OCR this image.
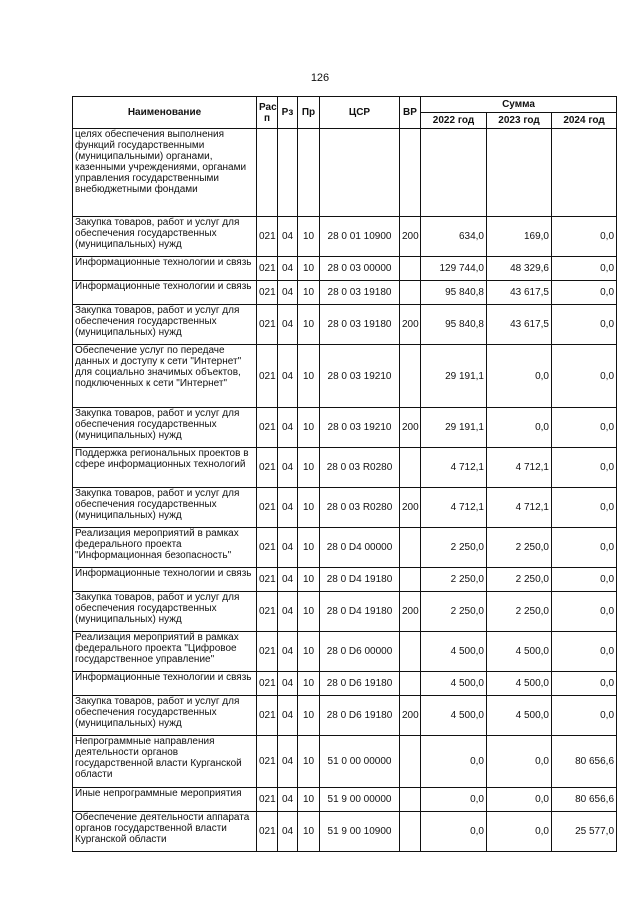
126
Наименование	Рас п	Рз	Пр	ЦСР	ВР	Сумма		
						2022 год	2023 год	2024 год
целях обеспечения выполнения функций государственными (муниципальными) органами, казенными учреждениями, органами управления государственными внебюджетными фондами								
Закупка товаров, работ и услуг для обеспечения государственных (муниципальных) нужд	021	04	10	28 0 01 10900	200	634,0	169,0	0,0
Информационные технологии и связь	021	04	10	28 0 03 00000		129 744,0	48 329,6	0,0
Информационные технологии и связь	021	04	10	28 0 03 19180		95 840,8	43 617,5	0,0
Закупка товаров, работ и услуг для обеспечения государственных (муниципальных) нужд	021	04	10	28 0 03 19180	200	95 840,8	43 617,5	0,0
Обеспечение услуг по передаче данных и доступу к сети "Интернет" для социально значимых объектов, подключенных к сети "Интернет"	021	04	10	28 0 03 19210		29 191,1	0,0	0,0
Закупка товаров, работ и услуг для обеспечения государственных (муниципальных) нужд	021	04	10	28 0 03 19210	200	29 191,1	0,0	0,0
Поддержка региональных проектов в сфере информационных технологий	021	04	10	28 0 03 R0280		4 712,1	4 712,1	0,0
Закупка товаров, работ и услуг для обеспечения государственных (муниципальных) нужд	021	04	10	28 0 03 R0280	200	4 712,1	4 712,1	0,0
Реализация мероприятий в рамках федерального проекта "Информационная безопасность"	021	04	10	28 0 D4 00000		2 250,0	2 250,0	0,0
Информационные технологии и связь	021	04	10	28 0 D4 19180		2 250,0	2 250,0	0,0
Закупка товаров, работ и услуг для обеспечения государственных (муниципальных) нужд	021	04	10	28 0 D4 19180	200	2 250,0	2 250,0	0,0
Реализация мероприятий в рамках федерального проекта "Цифровое государственное управление"	021	04	10	28 0 D6 00000		4 500,0	4 500,0	0,0
Информационные технологии и связь	021	04	10	28 0 D6 19180		4 500,0	4 500,0	0,0
Закупка товаров, работ и услуг для обеспечения государственных (муниципальных) нужд	021	04	10	28 0 D6 19180	200	4 500,0	4 500,0	0,0
Непрограммные направления деятельности органов государственной власти Курганской области	021	04	10	51 0 00 00000		0,0	0,0	80 656,6
Иные непрограммные мероприятия	021	04	10	51 9 00 00000		0,0	0,0	80 656,6
Обеспечение деятельности аппарата органов государственной власти Курганской области	021	04	10	51 9 00 10900		0,0	0,0	25 577,0
